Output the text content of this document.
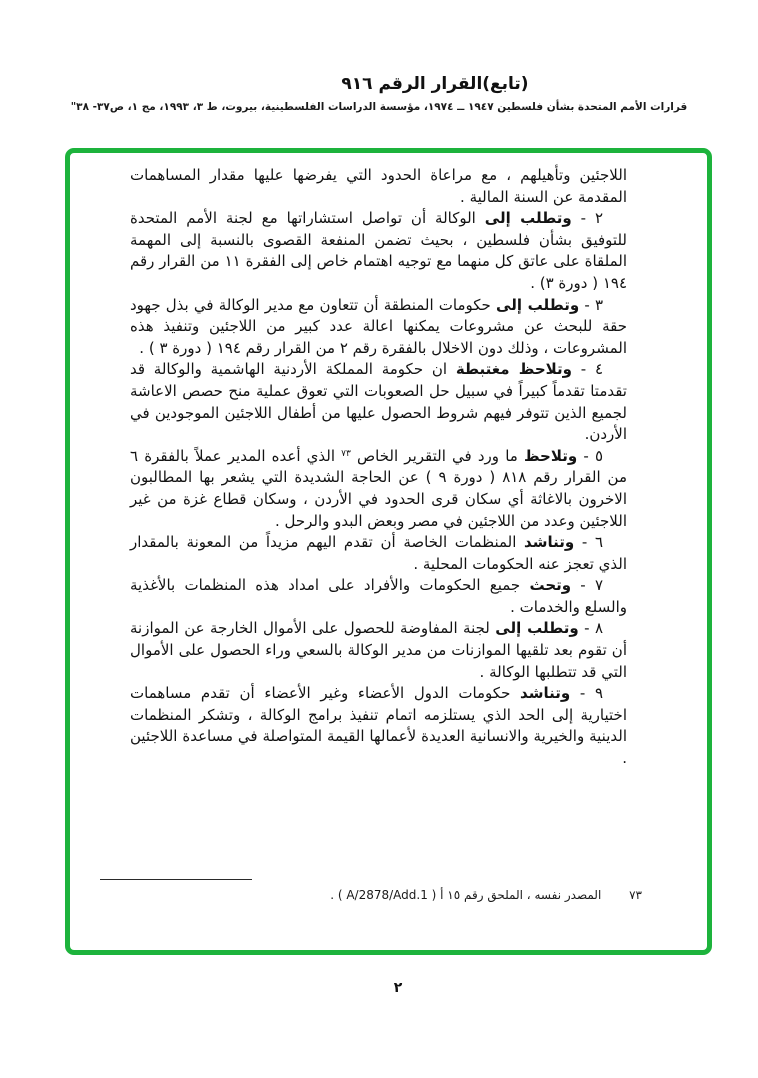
(تابع)القرار الرقم ٩١٦
قرارات الأمم المتحدة بشأن فلسطين ١٩٤٧ ــ ١٩٧٤، مؤسسة الدراسات الفلسطينية، بيروت، ط ٣، ١٩٩٣، مج ١، ص٣٧- ٣٨"

اللاجئين وتأهيلهم ، مع مراعاة الحدود التي يفرضها عليها مقدار المساهمات المقدمة عن السنة المالية .

٢ - وتطلب إلى الوكالة أن تواصل استشاراتها مع لجنة الأمم المتحدة للتوفيق بشأن فلسطين ، بحيث تضمن المنفعة القصوى بالنسبة إلى المهمة الملقاة على عاتق كل منهما مع توجيه اهتمام خاص إلى الفقرة ١١ من القرار رقم ١٩٤ ( دورة ٣) .

٣ - وتطلب إلى حكومات المنطقة أن تتعاون مع مدير الوكالة في بذل جهود حقة للبحث عن مشروعات يمكنها اعالة عدد كبير من اللاجئين وتنفيذ هذه المشروعات ، وذلك دون الاخلال بالفقرة رقم ٢ من القرار رقم ١٩٤ ( دورة ٣ ) .

٤ - وتلاحظ مغتبطة ان حكومة المملكة الأردنية الهاشمية والوكالة قد تقدمتا تقدماً كبيراً في سبيل حل الصعوبات التي تعوق عملية منح حصص الاعاشة لجميع الذين تتوفر فيهم شروط الحصول عليها من أطفال اللاجئين الموجودين في الأردن.

٥ - وتلاحظ ما ورد في التقرير الخاص $^{٧٣}$ الذي أعده المدير عملاً بالفقرة ٦ من القرار رقم ٨١٨ ( دورة ٩ ) عن الحاجة الشديدة التي يشعر بها المطالبون الاخرون بالاغاثة أي سكان قرى الحدود في الأردن ، وسكان قطاع غزة من غير اللاجئين وعدد من اللاجئين في مصر وبعض البدو والرحل .

٦ - وتناشد المنظمات الخاصة أن تقدم اليهم مزيداً من المعونة بالمقدار الذي تعجز عنه الحكومات المحلية .

٧ - وتحث جميع الحكومات والأفراد على امداد هذه المنظمات بالأغذية والسلع والخدمات .

٨ - وتطلب إلى لجنة المفاوضة للحصول على الأموال الخارجة عن الموازنة أن تقوم بعد تلقيها الموازنات من مدير الوكالة بالسعي وراء الحصول على الأموال التي قد تتطلبها الوكالة .

٩ - وتناشد حكومات الدول الأعضاء وغير الأعضاء أن تقدم مساهمات اختيارية إلى الحد الذي يستلزمه اتمام تنفيذ برامج الوكالة ، وتشكر المنظمات الدينية والخيرية والانسانية العديدة لأعمالها القيمة المتواصلة في مساعدة اللاجئين .

٧٣ المصدر نفسه ، الملحق رقم ١٥ أ ( A/2878/Add.1 ) .
٢
